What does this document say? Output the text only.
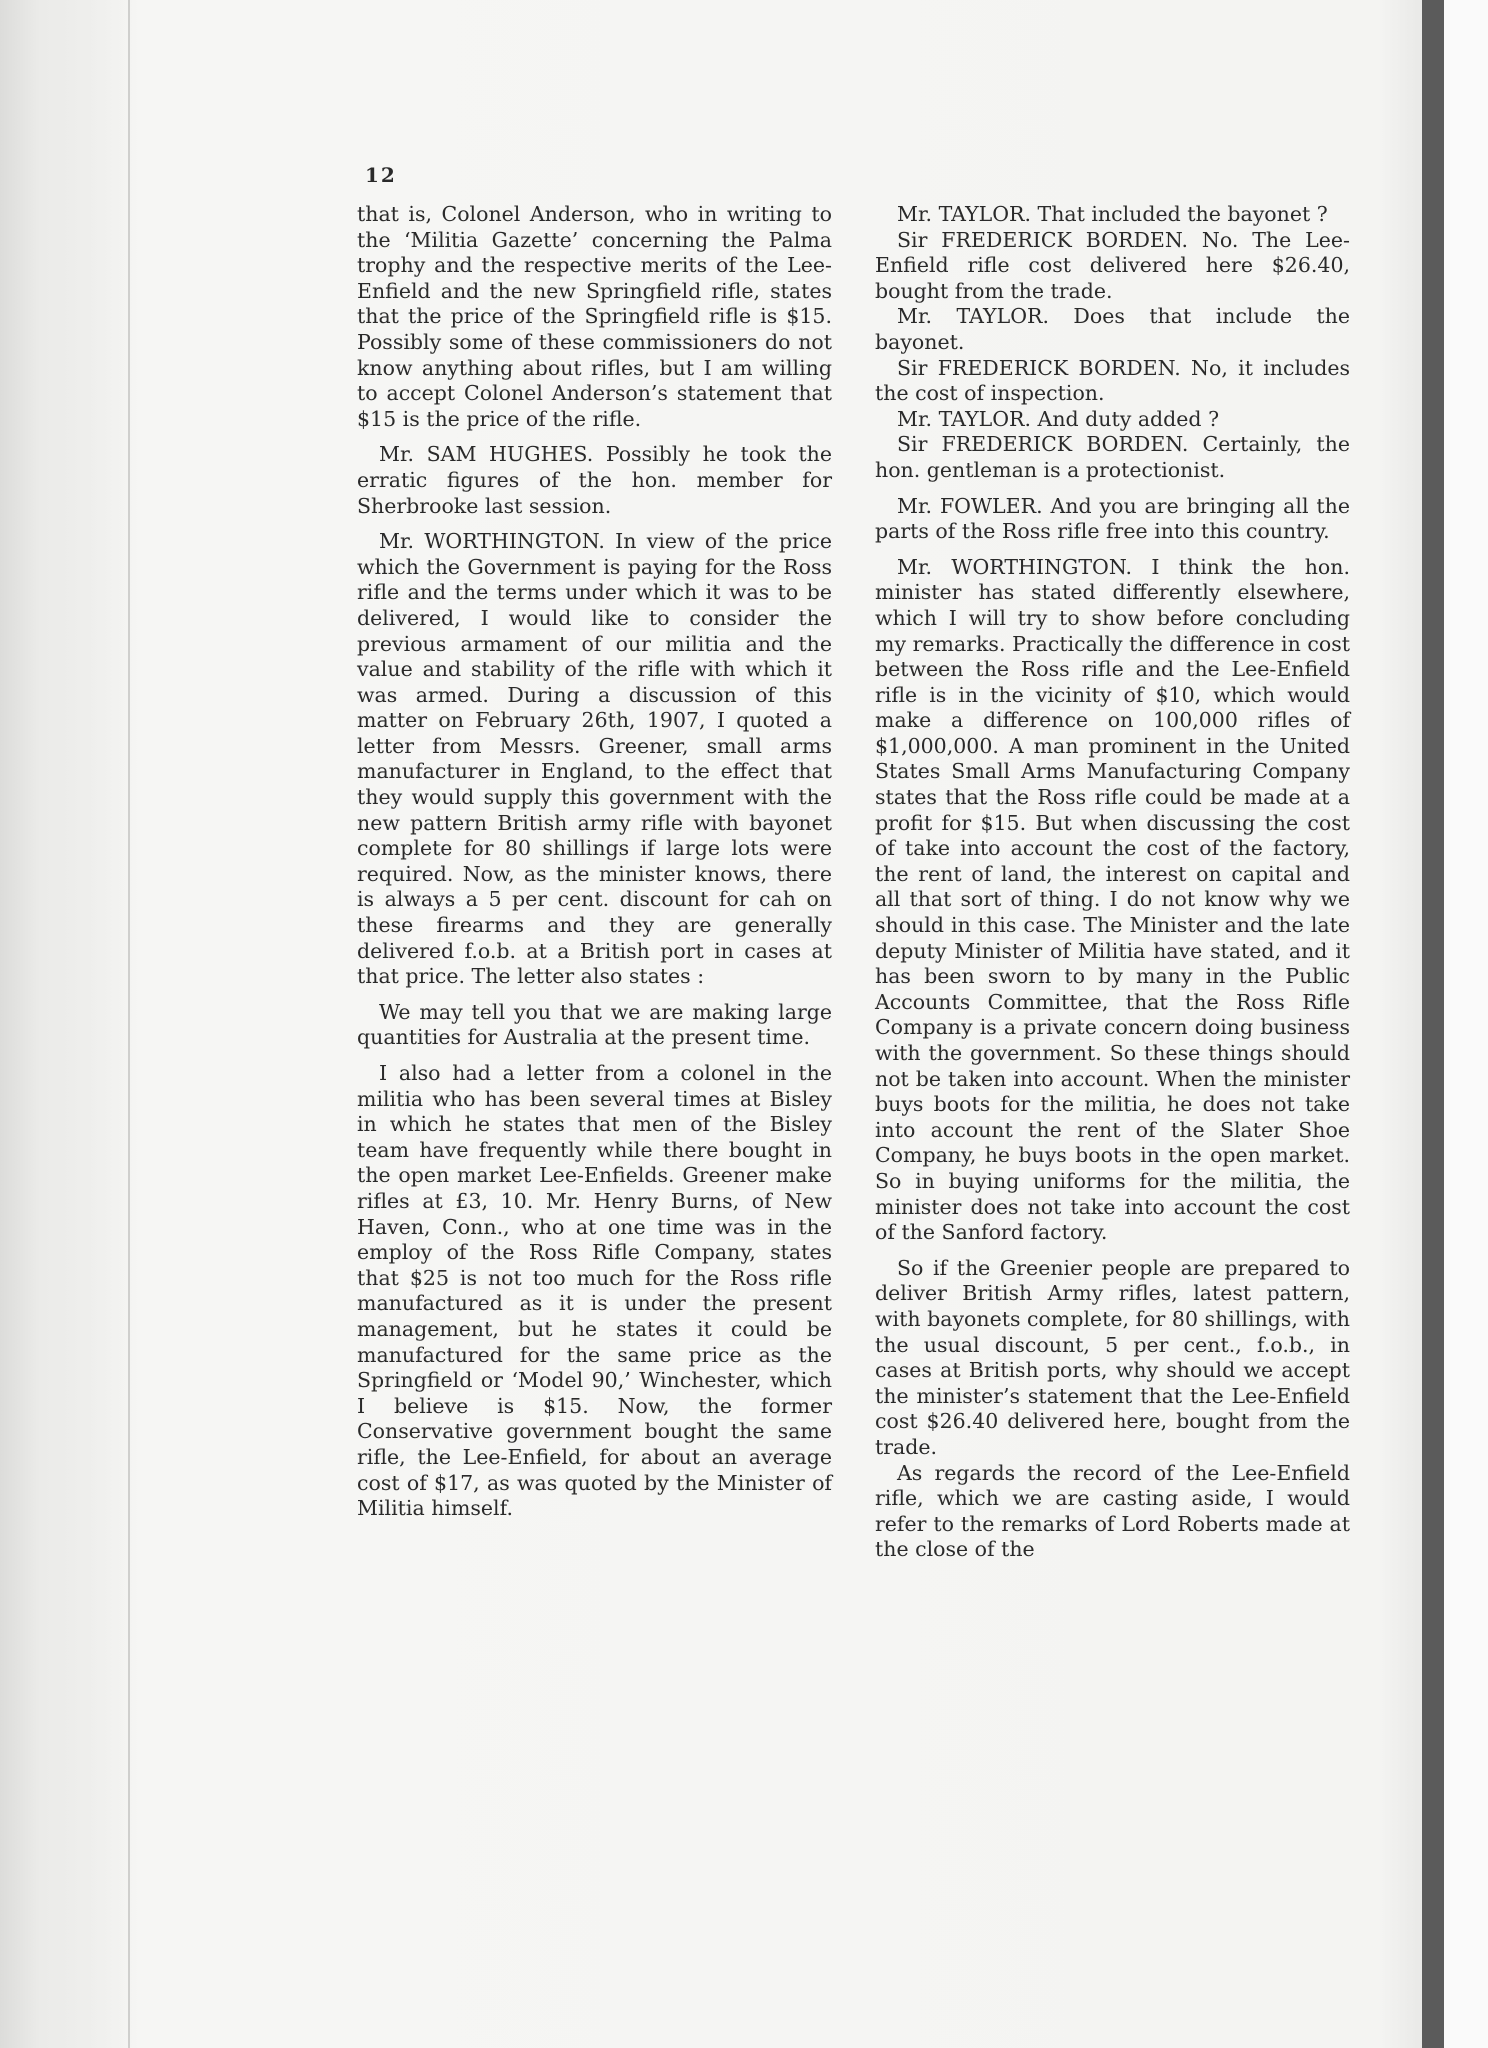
12

that is, Colonel Anderson, who in writing to the ‘Militia Gazette’ concerning the Palma trophy and the respective merits of the Lee-Enfield and the new Springfield rifle, states that the price of the Springfield rifle is $15. Possibly some of these commissioners do not know anything about rifles, but I am willing to accept Colonel Anderson’s statement that $15 is the price of the rifle.

Mr. SAM HUGHES. Possibly he took the erratic figures of the hon. member for Sherbrooke last session.

Mr. WORTHINGTON. In view of the price which the Government is paying for the Ross rifle and the terms under which it was to be delivered, I would like to consider the previous armament of our militia and the value and stability of the rifle with which it was armed. During a discussion of this matter on February 26th, 1907, I quoted a letter from Messrs. Greener, small arms manufacturer in England, to the effect that they would supply this government with the new pattern British army rifle with bayonet complete for 80 shillings if large lots were required. Now, as the minister knows, there is always a 5 per cent. discount for cah on these firearms and they are generally delivered f.o.b. at a British port in cases at that price. The letter also states :

We may tell you that we are making large quantities for Australia at the present time.

I also had a letter from a colonel in the militia who has been several times at Bisley in which he states that men of the Bisley team have frequently while there bought in the open market Lee-Enfields. Greener make rifles at £3, 10. Mr. Henry Burns, of New Haven, Conn., who at one time was in the employ of the Ross Rifle Company, states that $25 is not too much for the Ross rifle manufactured as it is under the present management, but he states it could be manufactured for the same price as the Springfield or ‘Model 90,’ Winchester, which I believe is $15. Now, the former Conservative government bought the same rifle, the Lee-Enfield, for about an average cost of $17, as was quoted by the Minister of Militia himself.

Mr. TAYLOR. That included the bayonet ?

Sir FREDERICK BORDEN. No. The Lee-Enfield rifle cost delivered here $26.40, bought from the trade.

Mr. TAYLOR. Does that include the bayonet.

Sir FREDERICK BORDEN. No, it includes the cost of inspection.

Mr. TAYLOR. And duty added ?

Sir FREDERICK BORDEN. Certainly, the hon. gentleman is a protectionist.

Mr. FOWLER. And you are bringing all the parts of the Ross rifle free into this country.

Mr. WORTHINGTON. I think the hon. minister has stated differently elsewhere, which I will try to show before concluding my remarks. Practically the difference in cost between the Ross rifle and the Lee-Enfield rifle is in the vicinity of $10, which would make a difference on 100,000 rifles of $1,000,000. A man prominent in the United States Small Arms Manufacturing Company states that the Ross rifle could be made at a profit for $15. But when discussing the cost of take into account the cost of the factory, the rent of land, the interest on capital and all that sort of thing. I do not know why we should in this case. The Minister and the late deputy Minister of Militia have stated, and it has been sworn to by many in the Public Accounts Committee, that the Ross Rifle Company is a private concern doing business with the government. So these things should not be taken into account. When the minister buys boots for the militia, he does not take into account the rent of the Slater Shoe Company, he buys boots in the open market. So in buying uniforms for the militia, the minister does not take into account the cost of the Sanford factory.

So if the Greenier people are prepared to deliver British Army rifles, latest pattern, with bayonets complete, for 80 shillings, with the usual discount, 5 per cent., f.o.b., in cases at British ports, why should we accept the minister’s statement that the Lee-Enfield cost $26.40 delivered here, bought from the trade.

As regards the record of the Lee-Enfield rifle, which we are casting aside, I would refer to the remarks of Lord Roberts made at the close of the
